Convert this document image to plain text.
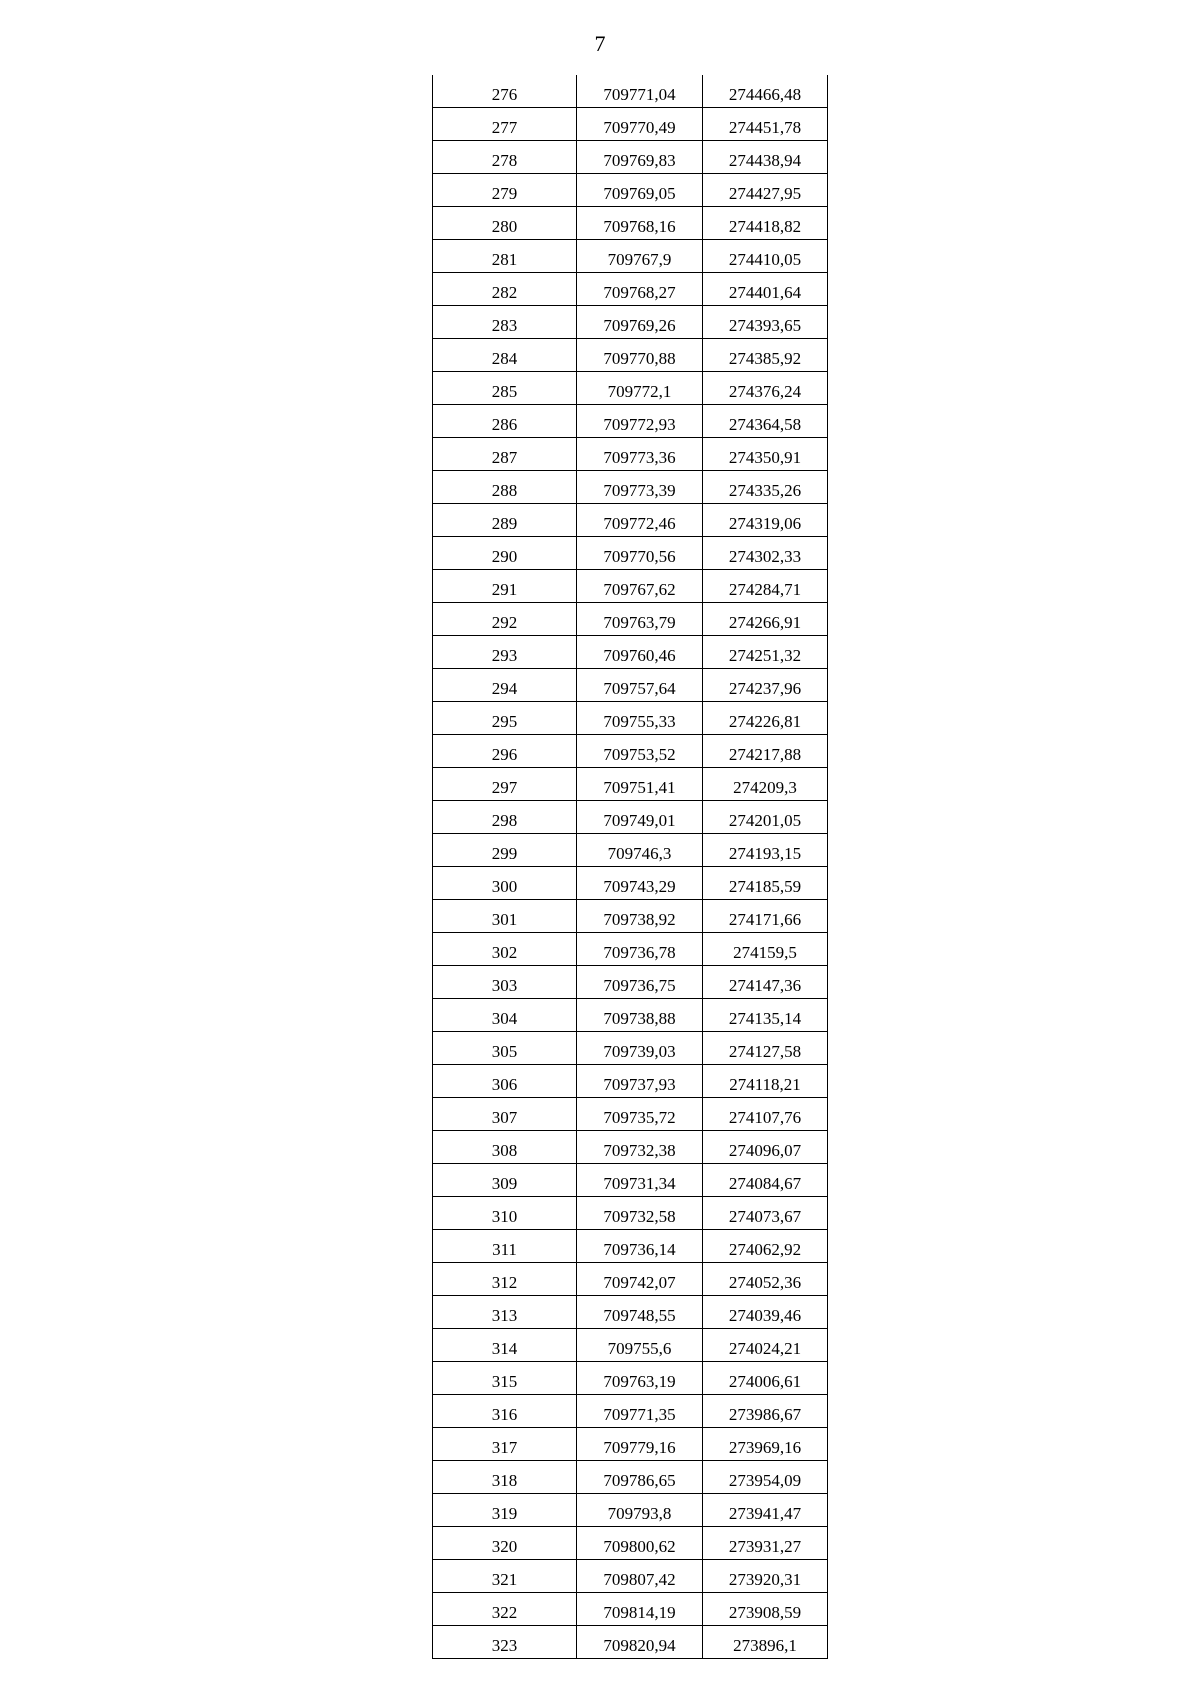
7
276	709771,04	274466,48
277	709770,49	274451,78
278	709769,83	274438,94
279	709769,05	274427,95
280	709768,16	274418,82
281	709767,9	274410,05
282	709768,27	274401,64
283	709769,26	274393,65
284	709770,88	274385,92
285	709772,1	274376,24
286	709772,93	274364,58
287	709773,36	274350,91
288	709773,39	274335,26
289	709772,46	274319,06
290	709770,56	274302,33
291	709767,62	274284,71
292	709763,79	274266,91
293	709760,46	274251,32
294	709757,64	274237,96
295	709755,33	274226,81
296	709753,52	274217,88
297	709751,41	274209,3
298	709749,01	274201,05
299	709746,3	274193,15
300	709743,29	274185,59
301	709738,92	274171,66
302	709736,78	274159,5
303	709736,75	274147,36
304	709738,88	274135,14
305	709739,03	274127,58
306	709737,93	274118,21
307	709735,72	274107,76
308	709732,38	274096,07
309	709731,34	274084,67
310	709732,58	274073,67
311	709736,14	274062,92
312	709742,07	274052,36
313	709748,55	274039,46
314	709755,6	274024,21
315	709763,19	274006,61
316	709771,35	273986,67
317	709779,16	273969,16
318	709786,65	273954,09
319	709793,8	273941,47
320	709800,62	273931,27
321	709807,42	273920,31
322	709814,19	273908,59
323	709820,94	273896,1
